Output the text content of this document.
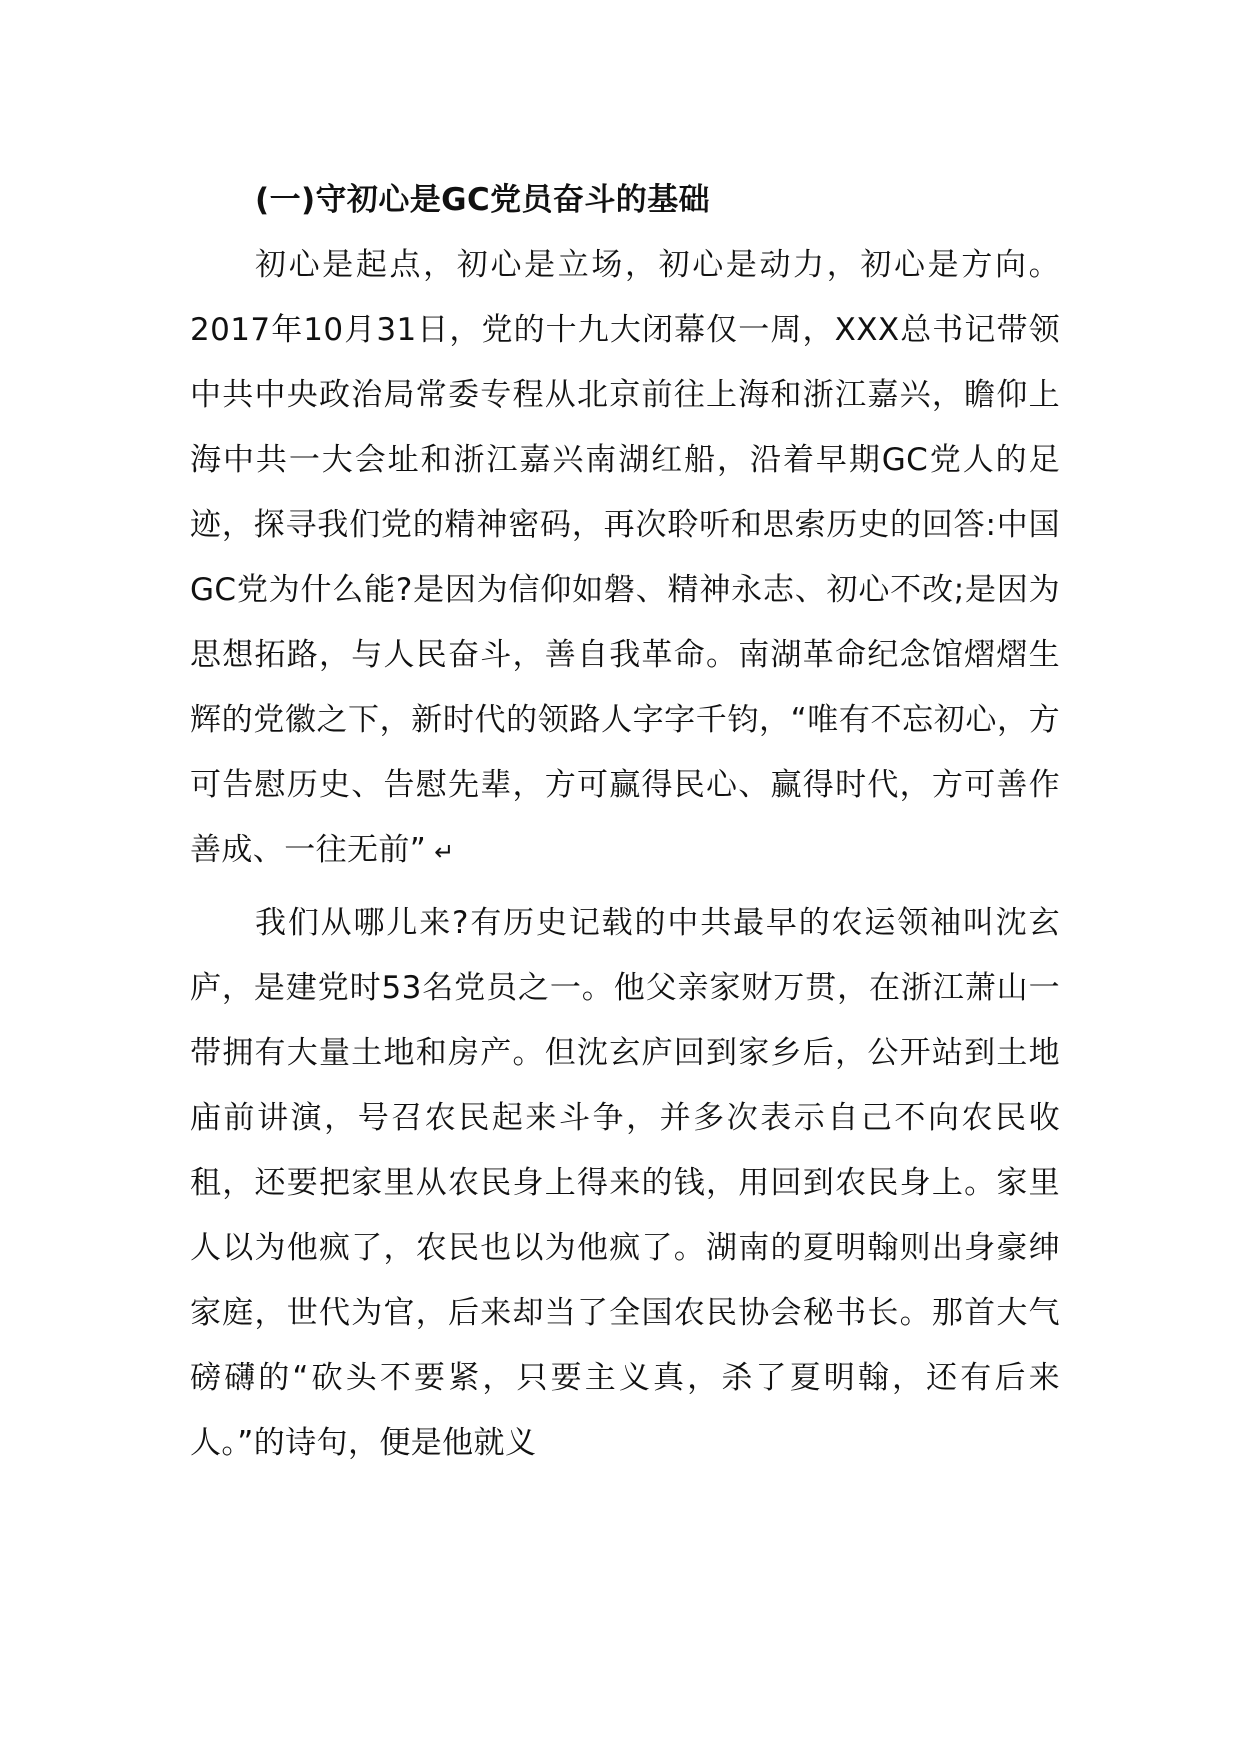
(一)守初心是GC党员奋斗的基础

初心是起点，初心是立场，初心是动力，初心是方向。2017年10月31日，党的十九大闭幕仅一周，XXX总书记带领中共中央政治局常委专程从北京前往上海和浙江嘉兴，瞻仰上海中共一大会址和浙江嘉兴南湖红船，沿着早期GC党人的足迹，探寻我们党的精神密码，再次聆听和思索历史的回答:中国GC党为什么能?是因为信仰如磐、精神永志、初心不改;是因为思想拓路，与人民奋斗，善自我革命。南湖革命纪念馆熠熠生辉的党徽之下，新时代的领路人字字千钧，“唯有不忘初心，方可告慰历史、告慰先辈，方可赢得民心、赢得时代，方可善作善成、一往无前” ↵

我们从哪儿来?有历史记载的中共最早的农运领袖叫沈玄庐，是建党时53名党员之一。他父亲家财万贯，在浙江萧山一带拥有大量土地和房产。但沈玄庐回到家乡后，公开站到土地庙前讲演，号召农民起来斗争，并多次表示自己不向农民收租，还要把家里从农民身上得来的钱，用回到农民身上。家里人以为他疯了，农民也以为他疯了。湖南的夏明翰则出身豪绅家庭，世代为官，后来却当了全国农民协会秘书长。那首大气磅礴的“砍头不要紧，只要主义真，杀了夏明翰，还有后来人。”的诗句，便是他就义
